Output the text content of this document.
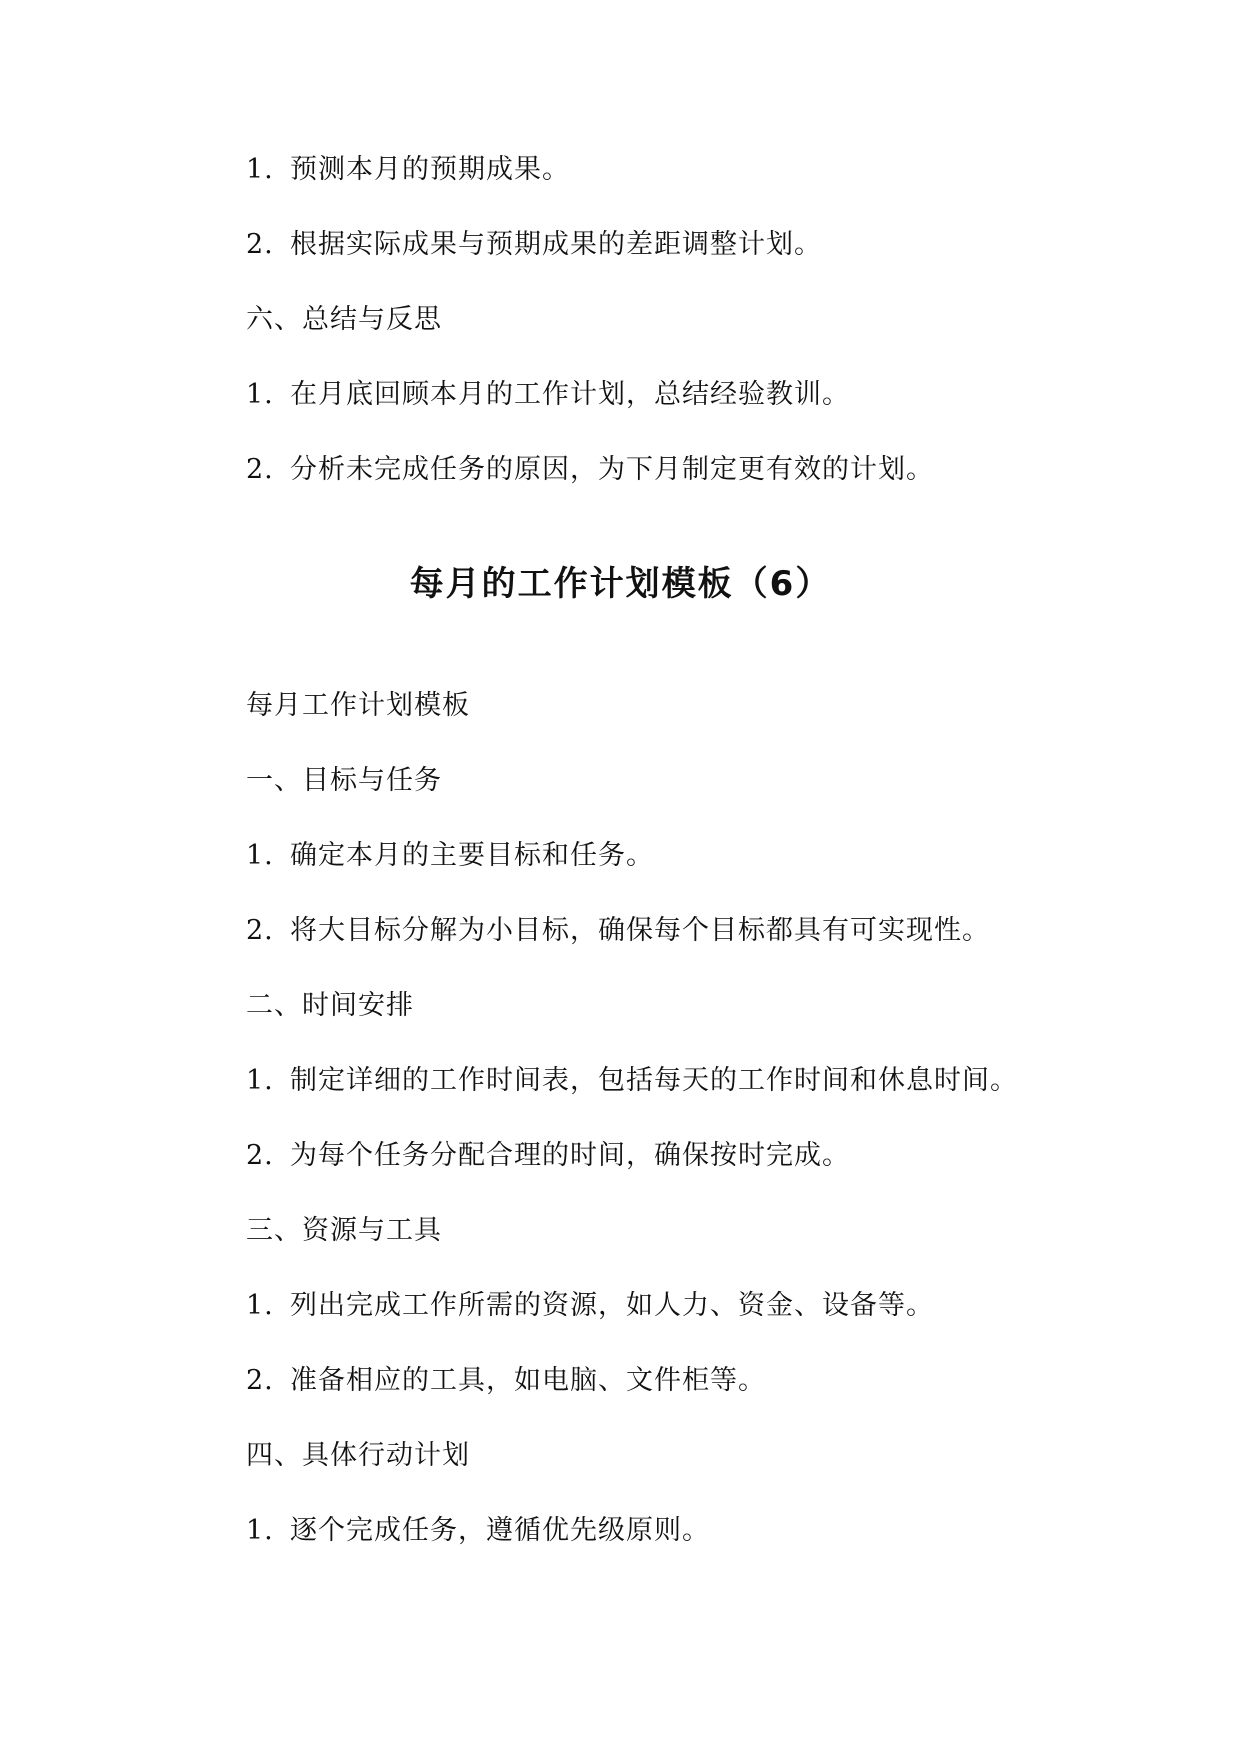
1. 预测本月的预期成果。
2. 根据实际成果与预期成果的差距调整计划。
六、总结与反思
1. 在月底回顾本月的工作计划，总结经验教训。
2. 分析未完成任务的原因，为下月制定更有效的计划。
每月的工作计划模板（6）
每月工作计划模板
一、目标与任务
1. 确定本月的主要目标和任务。
2. 将大目标分解为小目标，确保每个目标都具有可实现性。
二、时间安排
1. 制定详细的工作时间表，包括每天的工作时间和休息时间。
2. 为每个任务分配合理的时间，确保按时完成。
三、资源与工具
1. 列出完成工作所需的资源，如人力、资金、设备等。
2. 准备相应的工具，如电脑、文件柜等。
四、具体行动计划
1. 逐个完成任务，遵循优先级原则。
